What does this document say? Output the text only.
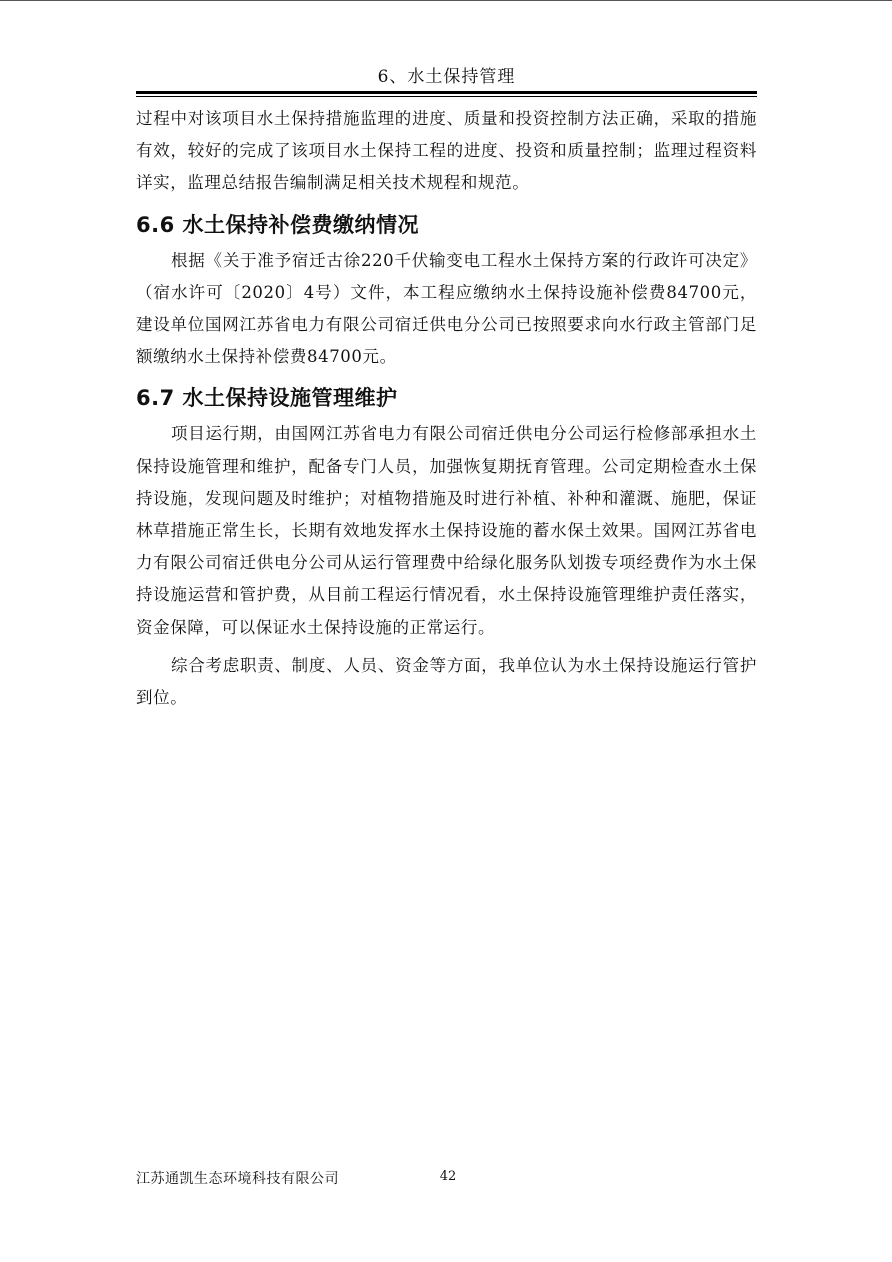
6、水土保持管理

过程中对该项目水土保持措施监理的进度、质量和投资控制方法正确，采取的措施有效，较好的完成了该项目水土保持工程的进度、投资和质量控制；监理过程资料详实，监理总结报告编制满足相关技术规程和规范。

6.6 水土保持补偿费缴纳情况

根据《关于准予宿迁古徐220千伏输变电工程水土保持方案的行政许可决定》（宿水许可〔2020〕4号）文件，本工程应缴纳水土保持设施补偿费84700元，建设单位国网江苏省电力有限公司宿迁供电分公司已按照要求向水行政主管部门足额缴纳水土保持补偿费84700元。

6.7 水土保持设施管理维护

项目运行期，由国网江苏省电力有限公司宿迁供电分公司运行检修部承担水土保持设施管理和维护，配备专门人员，加强恢复期抚育管理。公司定期检查水土保持设施，发现问题及时维护；对植物措施及时进行补植、补种和灌溉、施肥，保证林草措施正常生长，长期有效地发挥水土保持设施的蓄水保土效果。国网江苏省电力有限公司宿迁供电分公司从运行管理费中给绿化服务队划拨专项经费作为水土保持设施运营和管护费，从目前工程运行情况看，水土保持设施管理维护责任落实，资金保障，可以保证水土保持设施的正常运行。

综合考虑职责、制度、人员、资金等方面，我单位认为水土保持设施运行管护到位。

江苏通凯生态环境科技有限公司	42
